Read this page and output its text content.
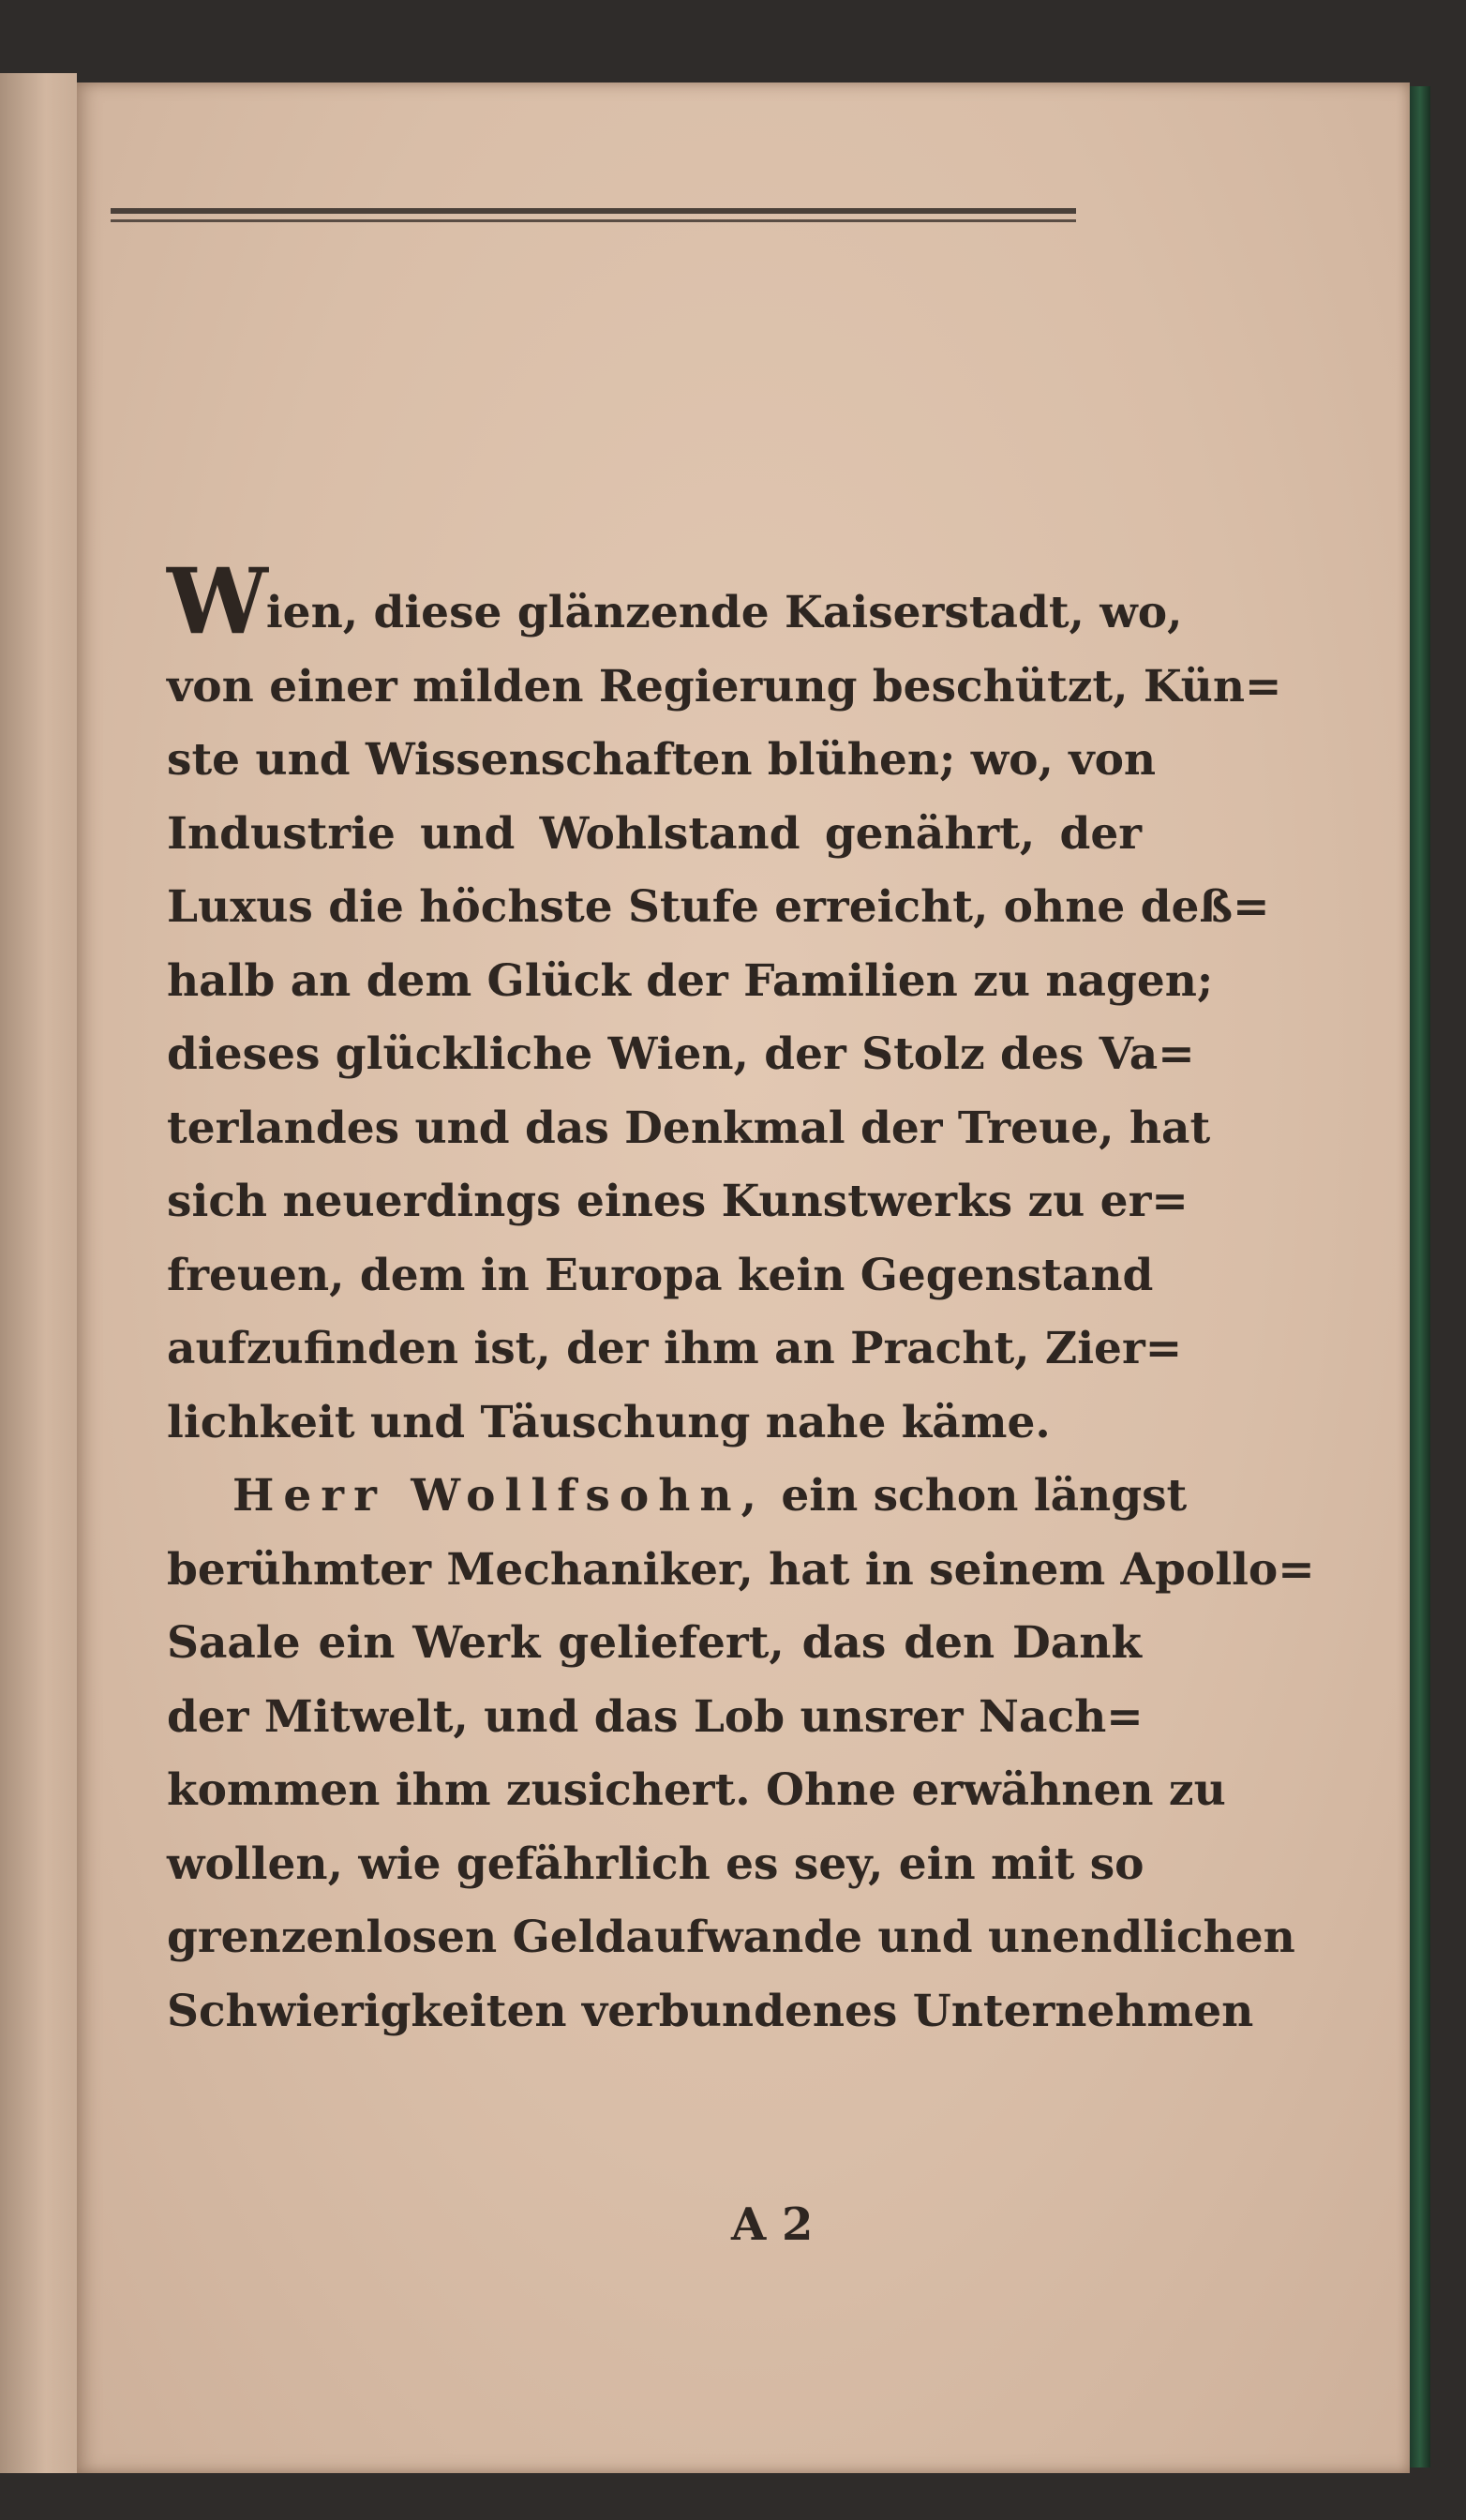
Wien, diese glänzende Kaiserstadt, wo,
von einer milden Regierung beschützt, Kün=
ste und Wissenschaften blühen; wo, von
Industrie und Wohlstand genährt, der
Luxus die höchste Stufe erreicht, ohne deß=
halb an dem Glück der Familien zu nagen;
dieses glückliche Wien, der Stolz des Va=
terlandes und das Denkmal der Treue, hat
sich neuerdings eines Kunstwerks zu er=
freuen, dem in Europa kein Gegenstand
aufzufinden ist, der ihm an Pracht, Zier=
lichkeit und Täuschung nahe käme.
Herr Wollfsohn, ein schon längst
berühmter Mechaniker, hat in seinem Apollo=
Saale ein Werk geliefert, das den Dank
der Mitwelt, und das Lob unsrer Nach=
kommen ihm zusichert. Ohne erwähnen zu
wollen, wie gefährlich es sey, ein mit so
grenzenlosen Geldaufwande und unendlichen
Schwierigkeiten verbundenes Unternehmen
A 2
